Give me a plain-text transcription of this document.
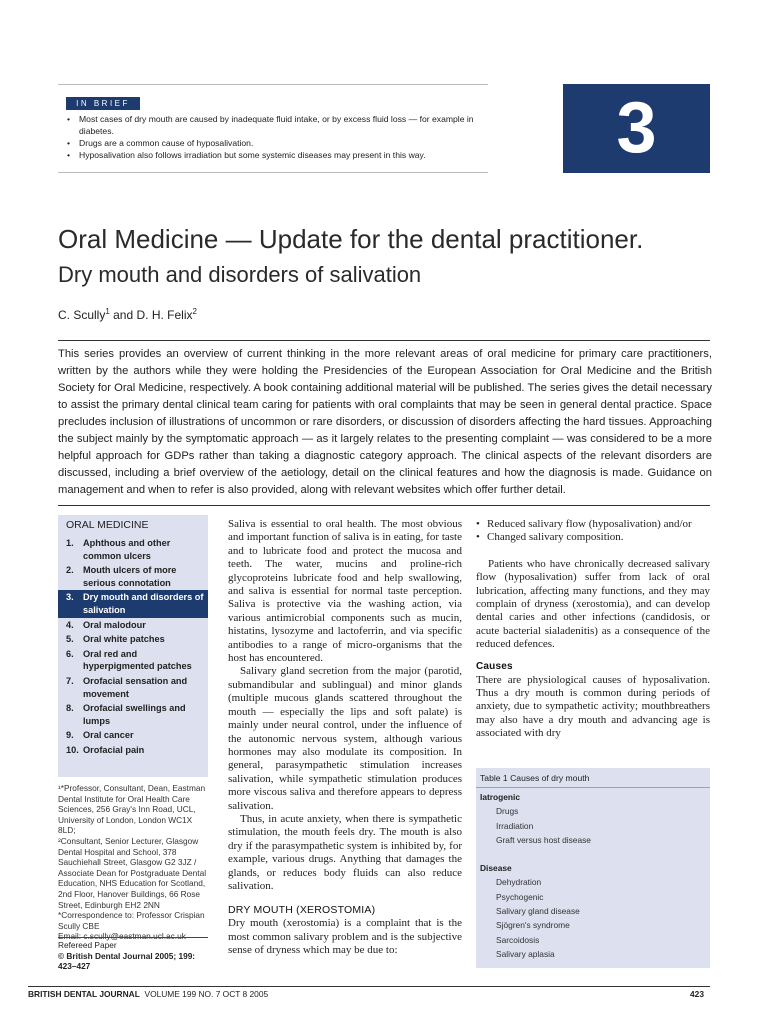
IN BRIEF
• Most cases of dry mouth are caused by inadequate fluid intake, or by excess fluid loss — for example in diabetes.
• Drugs are a common cause of hyposalivation.
• Hyposalivation also follows irradiation but some systemic diseases may present in this way.	3
Oral Medicine — Update for the dental practitioner.
Dry mouth and disorders of salivation
C. Scully$^1$ and D. H. Felix$^2$

This series provides an overview of current thinking in the more relevant areas of oral medicine for primary care practitioners, written by the authors while they were holding the Presidencies of the European Association for Oral Medicine and the British Society for Oral Medicine, respectively. A book containing additional material will be published. The series gives the detail necessary to assist the primary dental clinical team caring for patients with oral complaints that may be seen in general dental practice. Space precludes inclusion of illustrations of uncommon or rare disorders, or discussion of disorders affecting the hard tissues. Approaching the subject mainly by the symptomatic approach — as it largely relates to the presenting complaint — was considered to be a more helpful approach for GDPs rather than taking a diagnostic category approach. The clinical aspects of the relevant disorders are discussed, including a brief overview of the aetiology, detail on the clinical features and how the diagnosis is made. Guidance on management and when to refer is also provided, along with relevant websites which offer further detail.

ORAL MEDICINE
1.	Aphthous and other common ulcers
2.	Mouth ulcers of more serious connotation
3.	Dry mouth and disorders of salivation
4.	Oral malodour
5.	Oral white patches
6.	Oral red and hyperpigmented patches
7.	Orofacial sensation and movement
8.	Orofacial swellings and lumps
9.	Oral cancer
10. Orofacial pain

¹*Professor, Consultant, Dean, Eastman Dental Institute for Oral Health Care Sciences, 256 Gray's Inn Road, UCL, University of London, London WC1X 8LD;

²Consultant, Senior Lecturer, Glasgow Dental Hospital and School, 378 Sauchiehall Street, Glasgow G2 3JZ / Associate Dean for Postgraduate Dental Education, NHS Education for Scotland, 2nd Floor, Hanover Buildings, 66 Rose Street, Edinburgh EH2 2NN

*Correspondence to: Professor Crispian Scully CBE

Refereed Paper

© British Dental Journal 2005; 199: 423–427

Saliva is essential to oral health. The most obvious and important function of saliva is in eating, for taste and to lubricate food and protect the mucosa and teeth. The water, mucins and proline-rich glycoproteins lubricate food and help swallowing, and saliva is essential for normal taste perception. Saliva is protective via the washing action, via various antimicrobial components such as mucin, histatins, lysozyme and lactoferrin, and via specific antibodies to a range of micro-organisms that the host has encountered.

Salivary gland secretion from the major (parotid, submandibular and sublingual) and minor glands (multiple mucous glands scattered throughout the mouth — especially the lips and soft palate) is mainly under neural control, under the influence of the autonomic nervous system, although various hormones may also modulate its composition. In general, parasympathetic stimulation increases salivation, while sympathetic stimulation produces more viscous saliva and therefore appears to depress salivation.

Thus, in acute anxiety, when there is sympathetic stimulation, the mouth feels dry. The mouth is also dry if the parasympathetic system is inhibited by, for example, various drugs. Anything that damages the glands, or reduces body fluids can also reduce salivation.

DRY MOUTH (XEROSTOMIA)

Dry mouth (xerostomia) is a complaint that is the most common salivary problem and is the subjective sense of dryness which may be due to:

• Reduced salivary flow (hyposalivation) and/or
• Changed salivary composition.

Patients who have chronically decreased salivary flow (hyposalivation) suffer from lack of oral lubrication, affecting many functions, and they may complain of dryness (xerostomia), and can develop dental caries and other infections (candidosis, or acute bacterial sialadenitis) as a consequence of the reduced defences.

Causes

There are physiological causes of hyposalivation. Thus a dry mouth is common during periods of anxiety, due to sympathetic activity; mouthbreathers may also have a dry mouth and advancing age is associated with dry

Table 1 Causes of dry mouth
Iatrogenic
Drugs
Irradiation
Graft versus host disease
Disease
Dehydration
Psychogenic
Salivary gland disease
Sjögren's syndrome
Sarcoidosis
Salivary aplasia
BRITISH DENTAL JOURNAL VOLUME 199 NO. 7 OCT 8 2005	423
